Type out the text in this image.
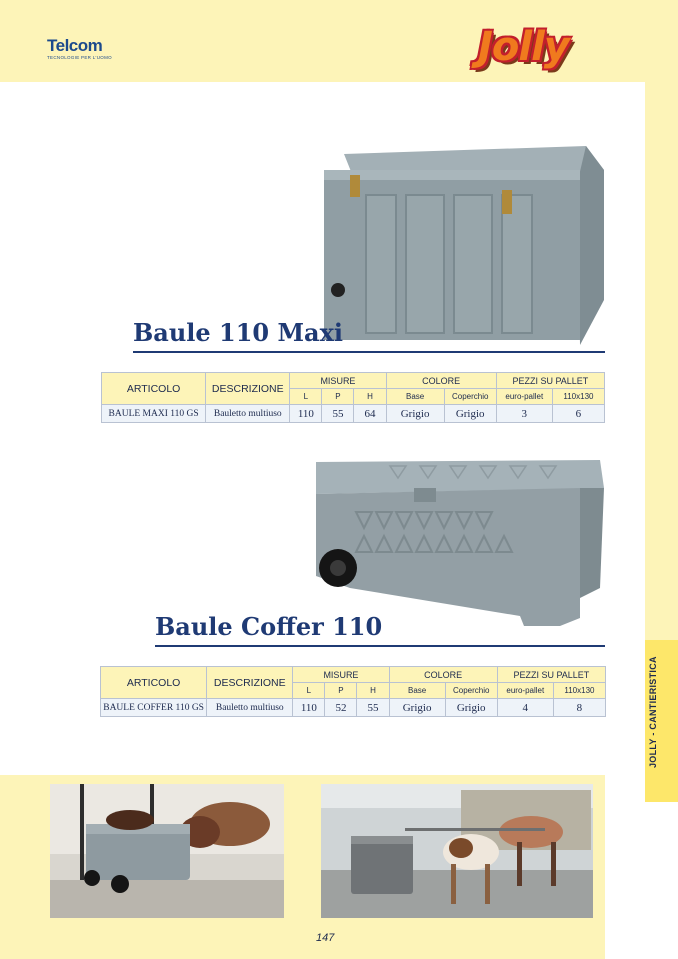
Telcom
TECNOLOGIE PER L'UOMO	Jolly
JOLLY - CANTIERISTICA
Baule 110 Maxi
ARTICOLO	DESCRIZIONE	MISURE			COLORE		PEZZI SU PALLET	
		L	P	H	Base	Coperchio	euro-pallet	110x130
BAULE MAXI 110 GS	Bauletto multiuso	110	55	64	Grigio	Grigio	3	6
Baule Coffer 110
ARTICOLO	DESCRIZIONE	MISURE			COLORE		PEZZI SU PALLET	
		L	P	H	Base	Coperchio	euro-pallet	110x130
BAULE COFFER 110 GS	Bauletto multiuso	110	52	55	Grigio	Grigio	4	8
147
